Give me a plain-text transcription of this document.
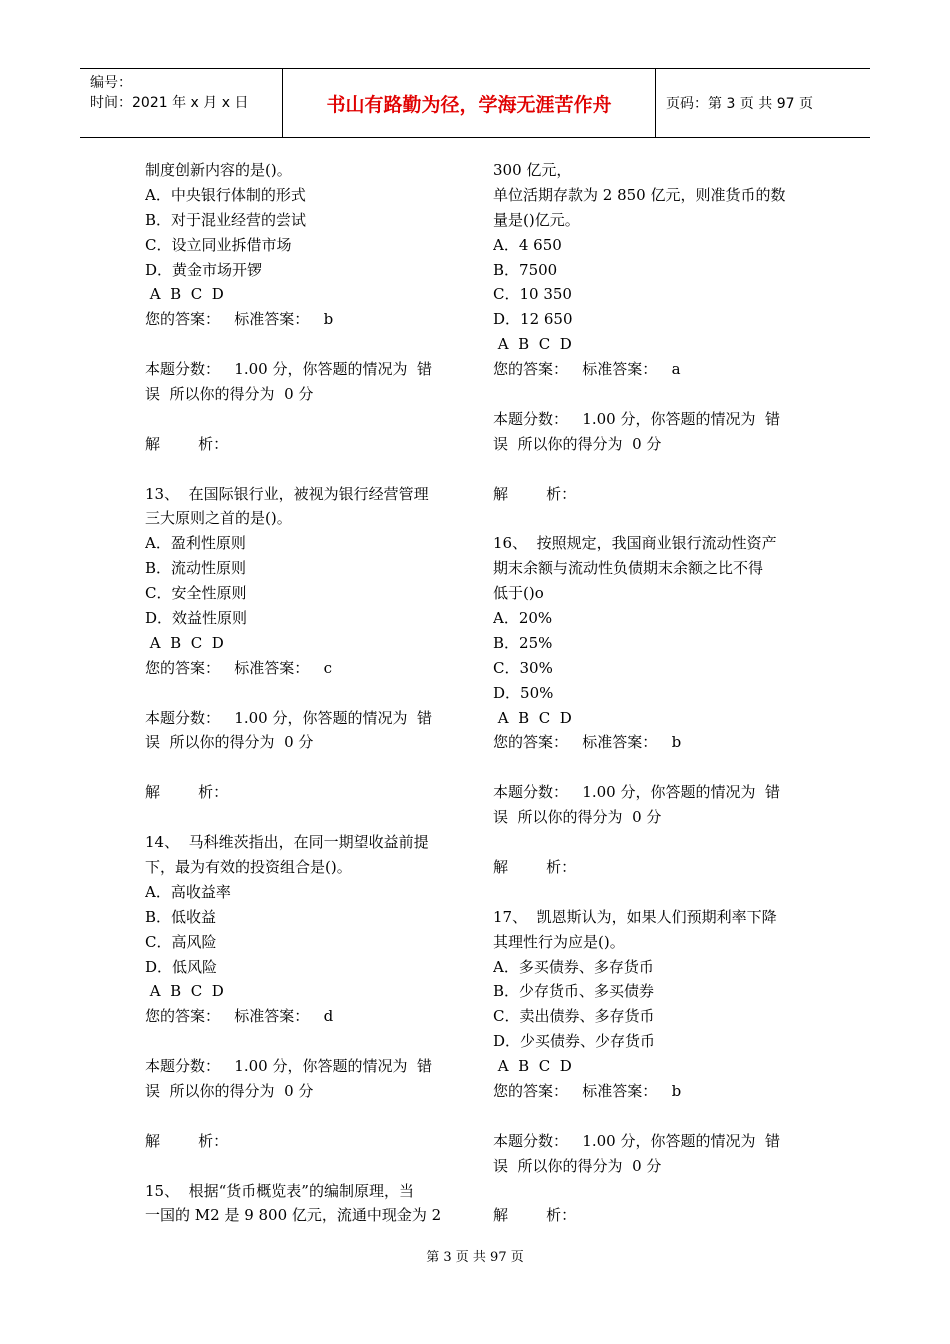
编号：
时间：2021 年 x 月 x 日	书山有路勤为径，学海无涯苦作舟	页码：第 3 页 共 97 页
制度创新内容的是()。
A．中央银行体制的形式
B．对于混业经营的尝试
C．设立同业拆借市场
D．黄金市场开锣
A  B  C  D
您的答案：   标准答案：   b
本题分数：   1.00 分，你答题的情况为  错
误  所以你的得分为  0 分
解        析：
13、  在国际银行业，被视为银行经营管理
三大原则之首的是()。
A．盈利性原则
B．流动性原则
C．安全性原则
D．效益性原则
A  B  C  D
您的答案：   标准答案：   c
本题分数：   1.00 分，你答题的情况为  错
误  所以你的得分为  0 分
解        析：
14、  马科维茨指出，在同一期望收益前提
下，最为有效的投资组合是()。
A．高收益率
B．低收益
C．高风险
D．低风险
A  B  C  D
您的答案：   标准答案：   d
本题分数：   1.00 分，你答题的情况为  错
误  所以你的得分为  0 分
解        析：
15、  根据“货币概览表”的编制原理，当
一国的 M2 是 9 800 亿元，流通中现金为 2
300 亿元，
单位活期存款为 2 850 亿元，则准货币的数
量是()亿元。
A．4 650
B．7500
C．10 350
D．12 650
A  B  C  D
您的答案：   标准答案：   a
本题分数：   1.00 分，你答题的情况为  错
误  所以你的得分为  0 分
解        析：
16、  按照规定，我国商业银行流动性资产
期末余额与流动性负债期末余额之比不得
低于()o
A．20%
B．25%
C．30%
D．50%
A  B  C  D
您的答案：   标准答案：   b
本题分数：   1.00 分，你答题的情况为  错
误  所以你的得分为  0 分
解        析：
17、  凯恩斯认为，如果人们预期利率下降
其理性行为应是()。
A．多买债券、多存货币
B．少存货币、多买债券
C．卖出债券、多存货币
D．少买债券、少存货币
A  B  C  D
您的答案：   标准答案：   b
本题分数：   1.00 分，你答题的情况为  错
误  所以你的得分为  0 分
解        析：
第 3 页 共 97 页
